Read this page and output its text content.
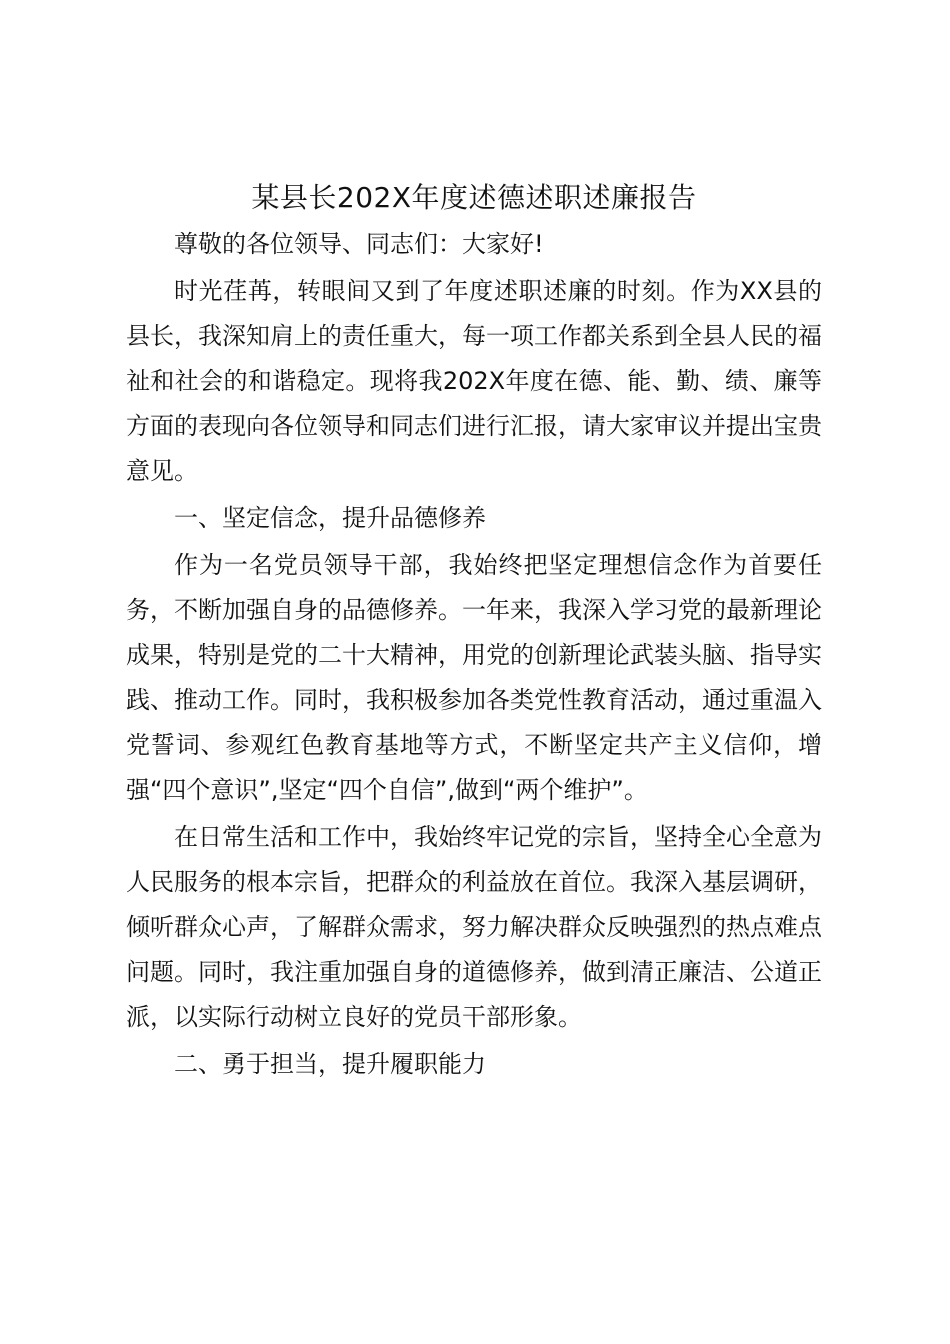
某县长202X年度述德述职述廉报告

尊敬的各位领导、同志们：大家好!

时光荏苒，转眼间又到了年度述职述廉的时刻。作为XX县的县长，我深知肩上的责任重大，每一项工作都关系到全县人民的福祉和社会的和谐稳定。现将我202X年度在德、能、勤、绩、廉等方面的表现向各位领导和同志们进行汇报，请大家审议并提出宝贵意见。

一、坚定信念，提升品德修养

作为一名党员领导干部，我始终把坚定理想信念作为首要任务，不断加强自身的品德修养。一年来，我深入学习党的最新理论成果，特别是党的二十大精神，用党的创新理论武装头脑、指导实践、推动工作。同时，我积极参加各类党性教育活动，通过重温入党誓词、参观红色教育基地等方式，不断坚定共产主义信仰，增强“四个意识”,坚定“四个自信”,做到“两个维护”。

在日常生活和工作中，我始终牢记党的宗旨，坚持全心全意为人民服务的根本宗旨，把群众的利益放在首位。我深入基层调研，倾听群众心声，了解群众需求，努力解决群众反映强烈的热点难点问题。同时，我注重加强自身的道德修养，做到清正廉洁、公道正派，以实际行动树立良好的党员干部形象。

二、勇于担当，提升履职能力
